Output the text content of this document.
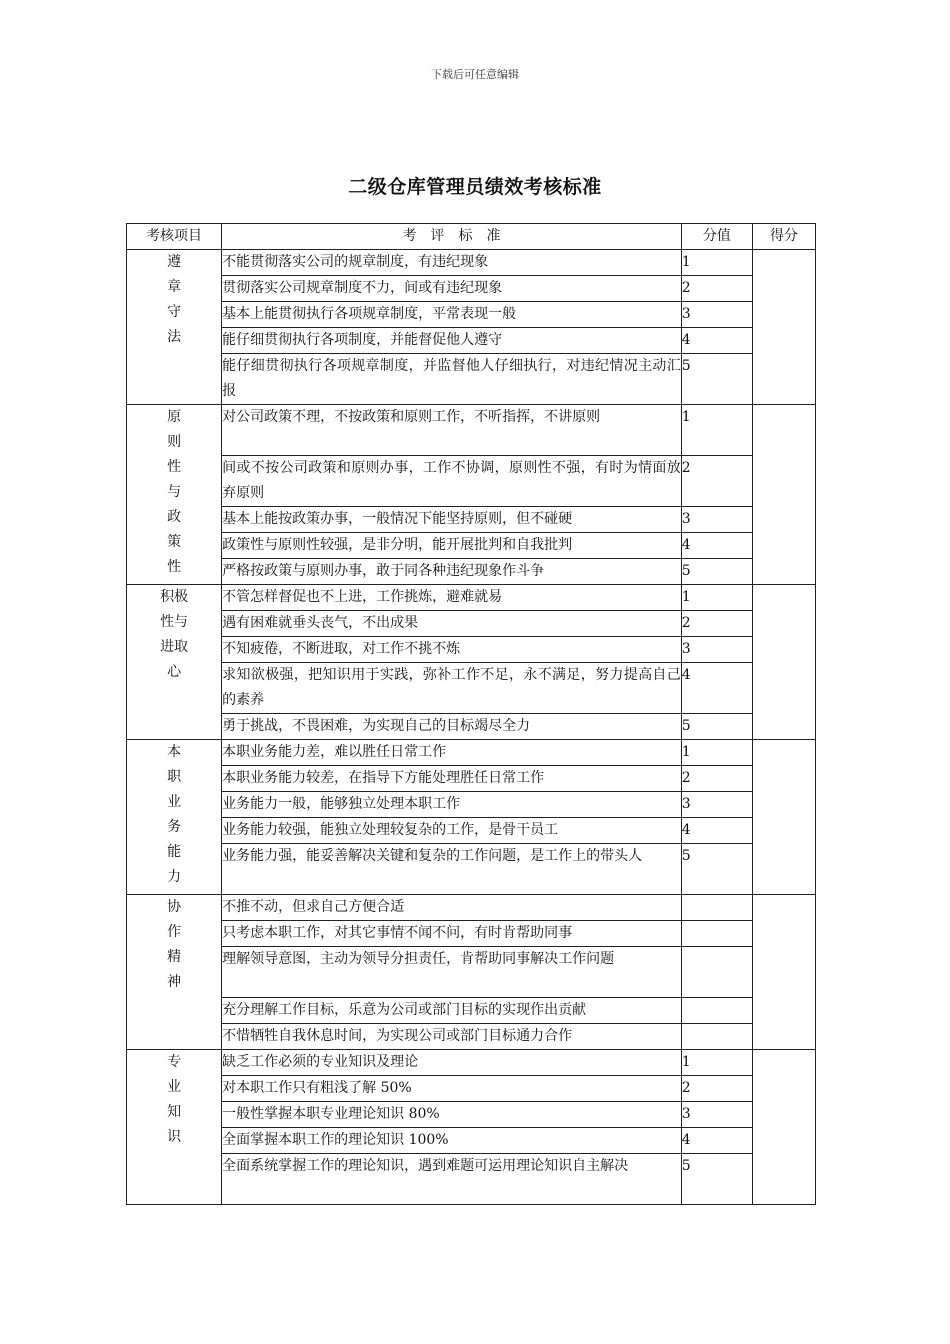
下载后可任意编辑
二级仓库管理员绩效考核标准
考核项目	考　评　标　准	分值	得分
遵章守法	不能贯彻落实公司的规章制度，有违纪现象	1	
	贯彻落实公司规章制度不力，间或有违纪现象	2	
	基本上能贯彻执行各项规章制度，平常表现一般	3	
	能仔细贯彻执行各项制度，并能督促他人遵守	4	
	能仔细贯彻执行各项规章制度，并监督他人仔细执行，对违纪情况主动汇报	5	
原则性与政策性	对公司政策不理，不按政策和原则工作，不听指挥，不讲原则	1	
	间或不按公司政策和原则办事，工作不协调，原则性不强，有时为情面放弃原则	2	
	基本上能按政策办事，一般情况下能坚持原则，但不碰硬	3	
	政策性与原则性较强，是非分明，能开展批判和自我批判	4	
	严格按政策与原则办事，敢于同各种违纪现象作斗争	5	
积极性与进取心	不管怎样督促也不上进，工作挑炼，避难就易	1	
	遇有困难就垂头丧气，不出成果	2	
	不知疲倦，不断进取，对工作不挑不炼	3	
	求知欲极强，把知识用于实践，弥补工作不足，永不满足，努力提高自己的素养	4	
	勇于挑战，不畏困难，为实现自己的目标竭尽全力	5	
本职业务能力	本职业务能力差，难以胜任日常工作	1	
	本职业务能力较差，在指导下方能处理胜任日常工作	2	
	业务能力一般，能够独立处理本职工作	3	
	业务能力较强，能独立处理较复杂的工作，是骨干员工	4	
	业务能力强，能妥善解决关键和复杂的工作问题，是工作上的带头人	5	
协作精神	不推不动，但求自己方便合适		
	只考虑本职工作，对其它事情不闻不问，有时肯帮助同事		
	理解领导意图，主动为领导分担责任，肯帮助同事解决工作问题		
	充分理解工作目标，乐意为公司或部门目标的实现作出贡献		
	不惜牺牲自我休息时间，为实现公司或部门目标通力合作		
专业知识	缺乏工作必须的专业知识及理论	1	
	对本职工作只有粗浅了解 50%	2	
	一般性掌握本职专业理论知识 80%	3	
	全面掌握本职工作的理论知识 100%	4	
	全面系统掌握工作的理论知识，遇到难题可运用理论知识自主解决	5	
